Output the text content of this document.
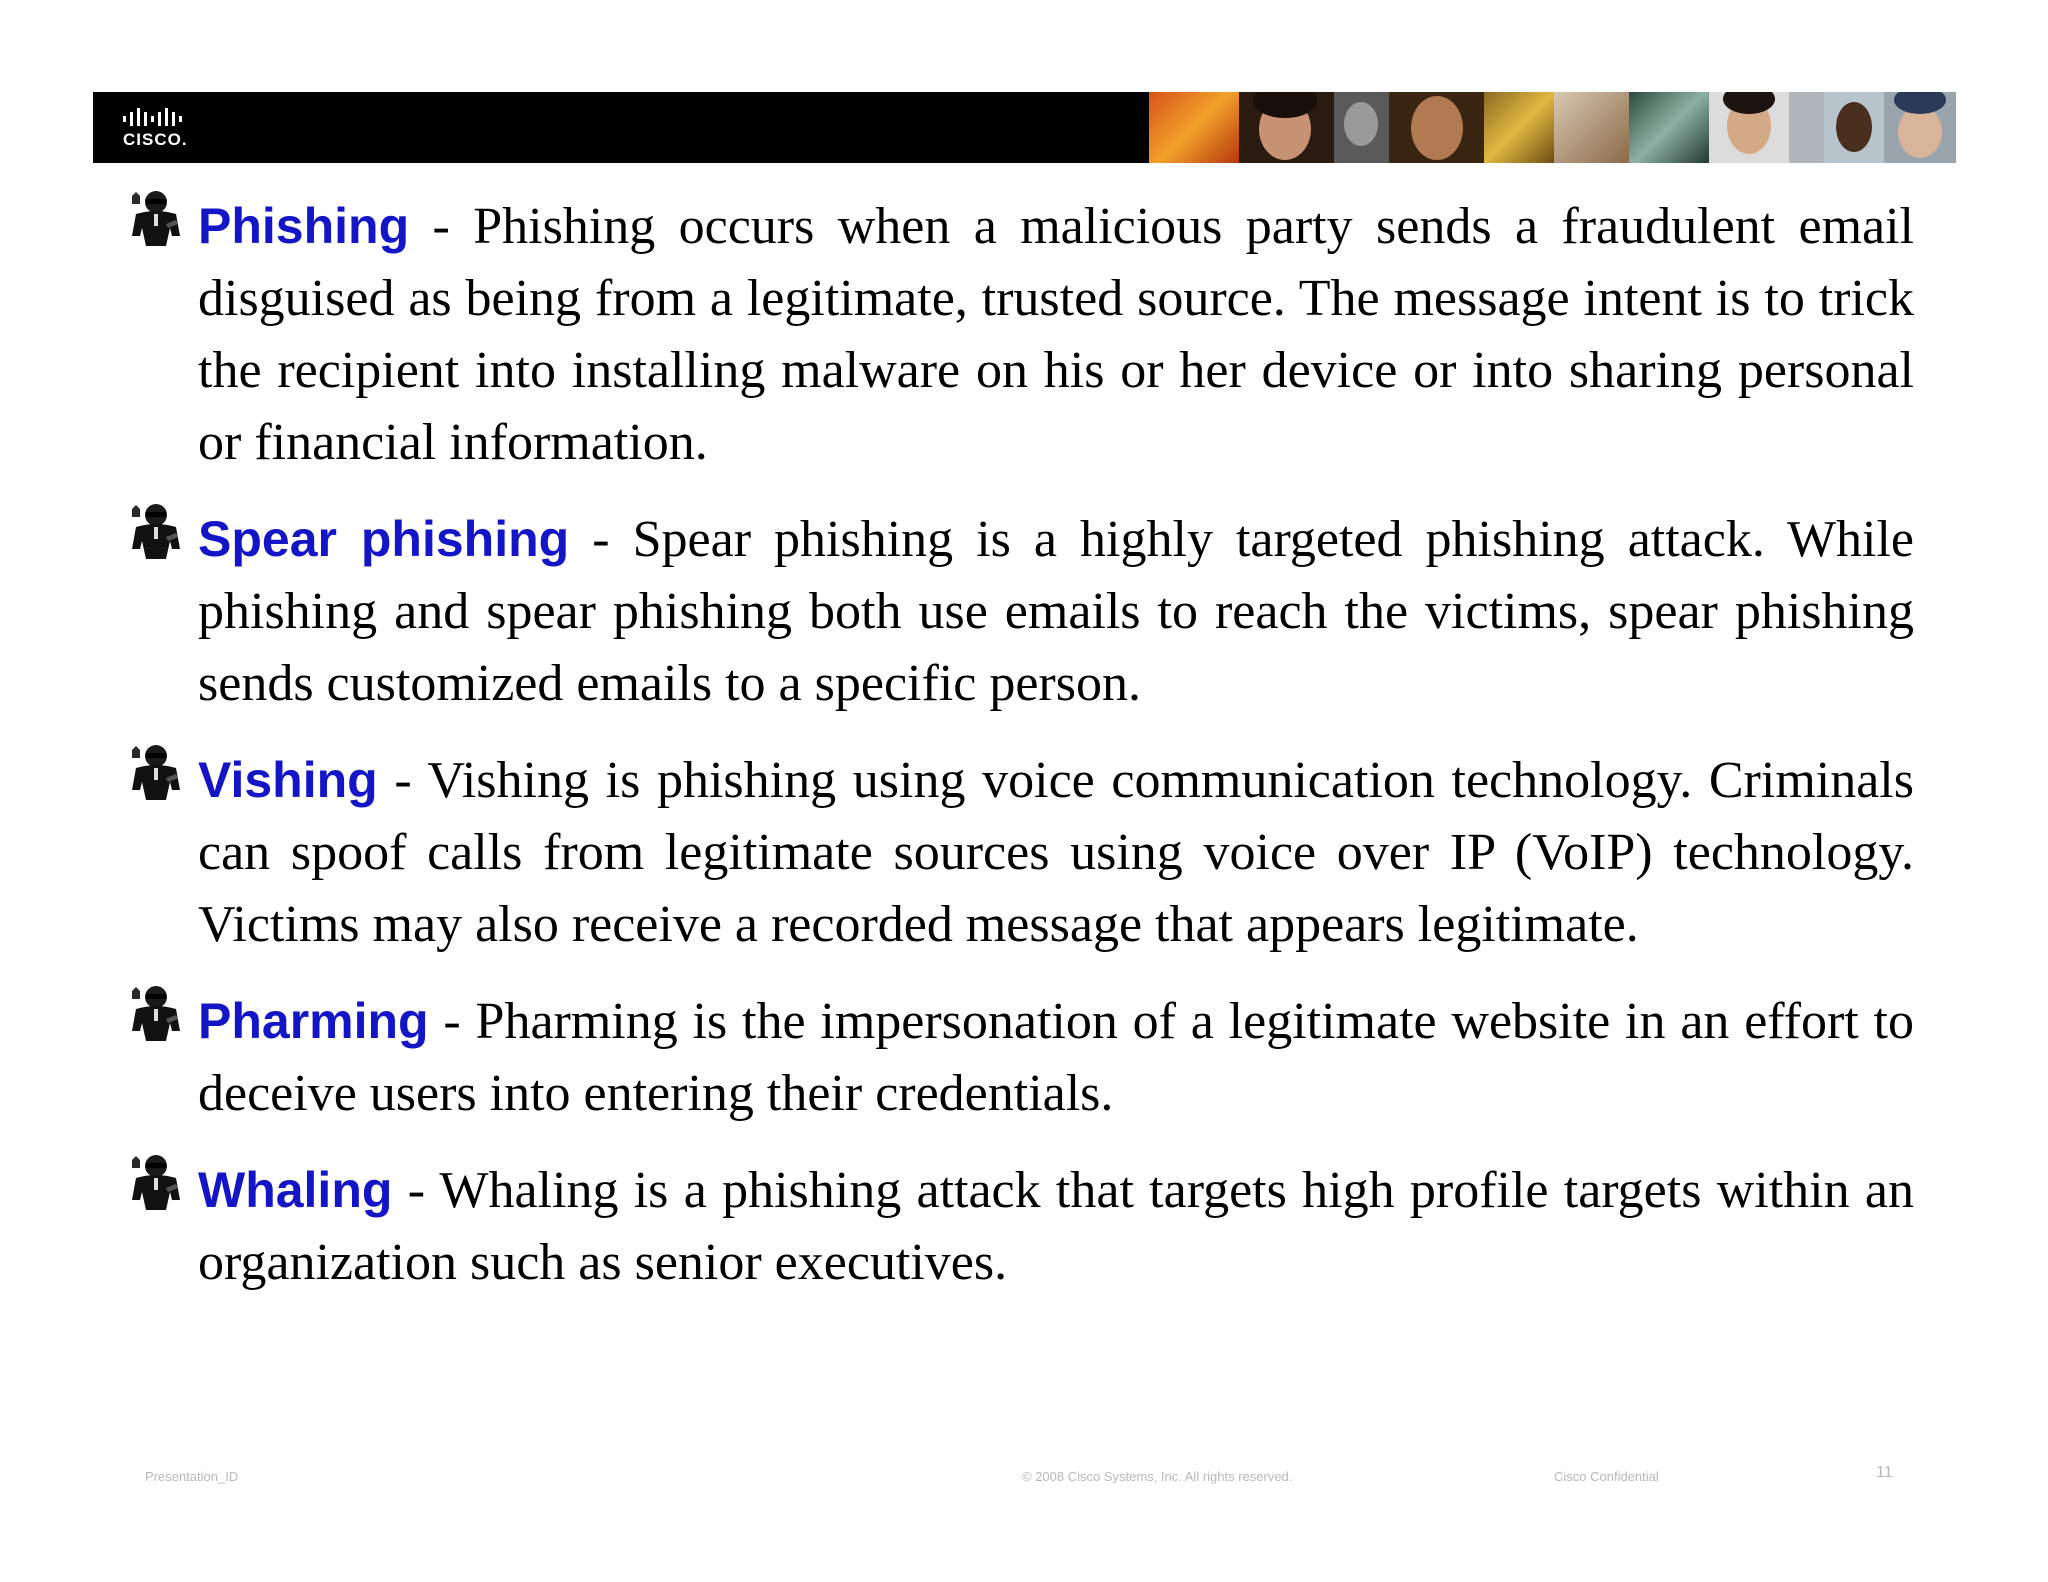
CISCO.

Phishing - Phishing occurs when a malicious party sends a fraudulent email disguised as being from a legitimate, trusted source. The message intent is to trick the recipient into installing malware on his or her device or into sharing personal or financial information.

Spear phishing - Spear phishing is a highly targeted phishing attack. While phishing and spear phishing both use emails to reach the victims, spear phishing sends customized emails to a specific person.

Vishing - Vishing is phishing using voice communication technology. Criminals can spoof calls from legitimate sources using voice over IP (VoIP) technology. Victims may also receive a recorded message that appears legitimate.

Pharming - Pharming is the impersonation of a legitimate website in an effort to deceive users into entering their credentials.

Whaling - Whaling is a phishing attack that targets high profile targets within an organization such as senior executives.

Presentation_ID	© 2008 Cisco Systems, Inc. All rights reserved.	Cisco Confidential	11
